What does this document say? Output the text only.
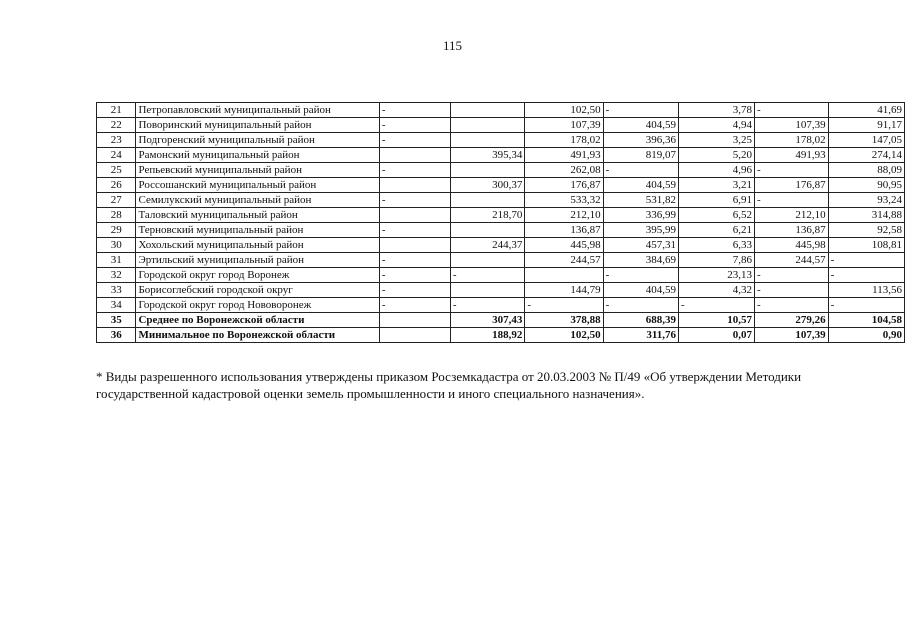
115
21	Петропавловский муниципальный район	-		102,50	-	3,78	-	41,69
22	Поворинский муниципальный район	-		107,39	404,59	4,94	107,39	91,17
23	Подгоренский муниципальный район	-		178,02	396,36	3,25	178,02	147,05
24	Рамонский муниципальный район		395,34	491,93	819,07	5,20	491,93	274,14
25	Репьевский муниципальный район	-		262,08	-	4,96	-	88,09
26	Россошанский муниципальный район		300,37	176,87	404,59	3,21	176,87	90,95
27	Семилукский муниципальный район	-		533,32	531,82	6,91	-	93,24
28	Таловский муниципальный район		218,70	212,10	336,99	6,52	212,10	314,88
29	Терновский муниципальный район	-		136,87	395,99	6,21	136,87	92,58
30	Хохольский муниципальный район		244,37	445,98	457,31	6,33	445,98	108,81
31	Эртильский муниципальный район	-		244,57	384,69	7,86	244,57	-
32	Городской округ город Воронеж	-	-		-	23,13	-	-
33	Борисоглебский городской округ	-		144,79	404,59	4,32	-	113,56
34	Городской округ город Нововоронеж	-	-	-	-	-	-	-
35	Среднее по Воронежской области		307,43	378,88	688,39	10,57	279,26	104,58
36	Минимальное по Воронежской области		188,92	102,50	311,76	0,07	107,39	0,90
* Виды разрешенного использования утверждены приказом Росземкадастра от 20.03.2003 № П/49 «Об утверждении Методики государственной кадастровой оценки земель промышленности и иного специального назначения».
